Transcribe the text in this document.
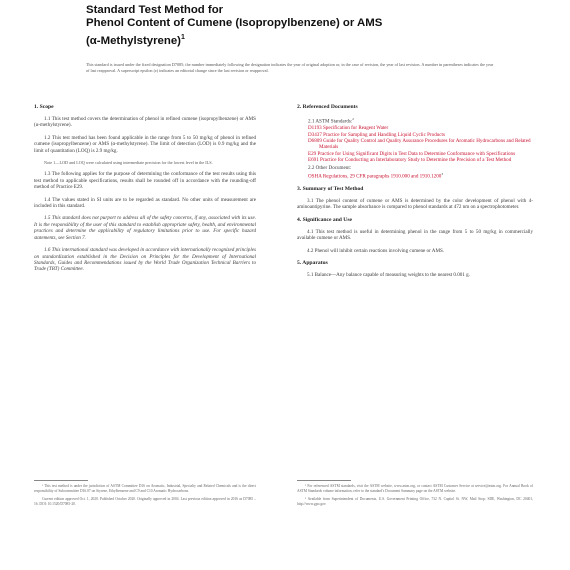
Standard Test Method for
Phenol Content of Cumene (Isopropylbenzene) or AMS
(α-Methylstyrene)$^1$
This standard is issued under the fixed designation D7085; the number immediately following the designation indicates the year of original adoption or, in the case of revision, the year of last revision. A number in parentheses indicates the year of last reapproval. A superscript epsilon (ε) indicates an editorial change since the last revision or reapproval.
1. Scope

1.1 This test method covers the determination of phenol in refined cumene (isopropylbenzene) or AMS (α-methylstyrene).

1.2 This test method has been found applicable in the range from 5 to 50 mg/kg of phenol in refined cumene (isopropylbenzene) or AMS (α-methylstyrene). The limit of detection (LOD) is 0.9 mg/kg and the limit of quantitation (LOQ) is 2.9 mg/kg.

Note 1—LOD and LOQ were calculated using intermediate precision for the lowest level in the ILS.

1.3 The following applies for the purpose of determining the conformance of the test results using this test method to applicable specifications, results shall be rounded off in accordance with the rounding-off method of Practice E29.

1.4 The values stated in SI units are to be regarded as standard. No other units of measurement are included in this standard.

1.5 This standard does not purport to address all of the safety concerns, if any, associated with its use. It is the responsibility of the user of this standard to establish appropriate safety, health, and environmental practices and determine the applicability of regulatory limitations prior to use. For specific hazard statements, see Section 7.

1.6 This international standard was developed in accordance with internationally recognized principles on standardization established in the Decision on Principles for the Development of International Standards, Guides and Recommendations issued by the World Trade Organization Technical Barriers to Trade (TBT) Committee.

2. Referenced Documents
2.1 ASTM Standards:$^2$
D1193 Specification for Reagent Water
D3437 Practice for Sampling and Handling Liquid Cyclic Products
D6809 Guide for Quality Control and Quality Assurance Procedures for Aromatic Hydrocarbons and Related Materials
E29 Practice for Using Significant Digits in Test Data to Determine Conformance with Specifications
E691 Practice for Conducting an Interlaboratory Study to Determine the Precision of a Test Method
2.2 Other Document:
OSHA Regulations, 29 CFR paragraphs 1910.000 and 1910.1200$^3$
3. Summary of Test Method

3.1 The phenol content of cumene or AMS is determined by the color development of phenol with 4-aminoantipyrine. The sample absorbance is compared to phenol standards at 472 nm on a spectrophotometer.

4. Significance and Use

4.1 This test method is useful in determining phenol in the range from 5 to 50 mg/kg in commercially available cumene or AMS.

4.2 Phenol will inhibit certain reactions involving cumene or AMS.

5. Apparatus

5.1 Balance—Any balance capable of measuring weights to the nearest 0.001 g.

¹ This test method is under the jurisdiction of ASTM Committee D16 on Aromatic, Industrial, Specialty and Related Chemicals and is the direct responsibility of Subcommittee D16.07 on Styrene, Ethylbenzene and C9 and C10 Aromatic Hydrocarbons.

Current edition approved Oct. 1, 2020. Published October 2020. Originally approved in 2004. Last previous edition approved in 2016 as D7085 – 16. DOI: 10.1520/D7085-20.

² For referenced ASTM standards, visit the ASTM website, www.astm.org, or contact ASTM Customer Service at service@astm.org. For Annual Book of ASTM Standards volume information, refer to the standard's Document Summary page on the ASTM website.

³ Available from Superintendent of Documents, U.S. Government Printing Office, 732 N. Capitol St. NW, Mail Stop: SDE, Washington, DC 20401, http://www.gpo.gov.
